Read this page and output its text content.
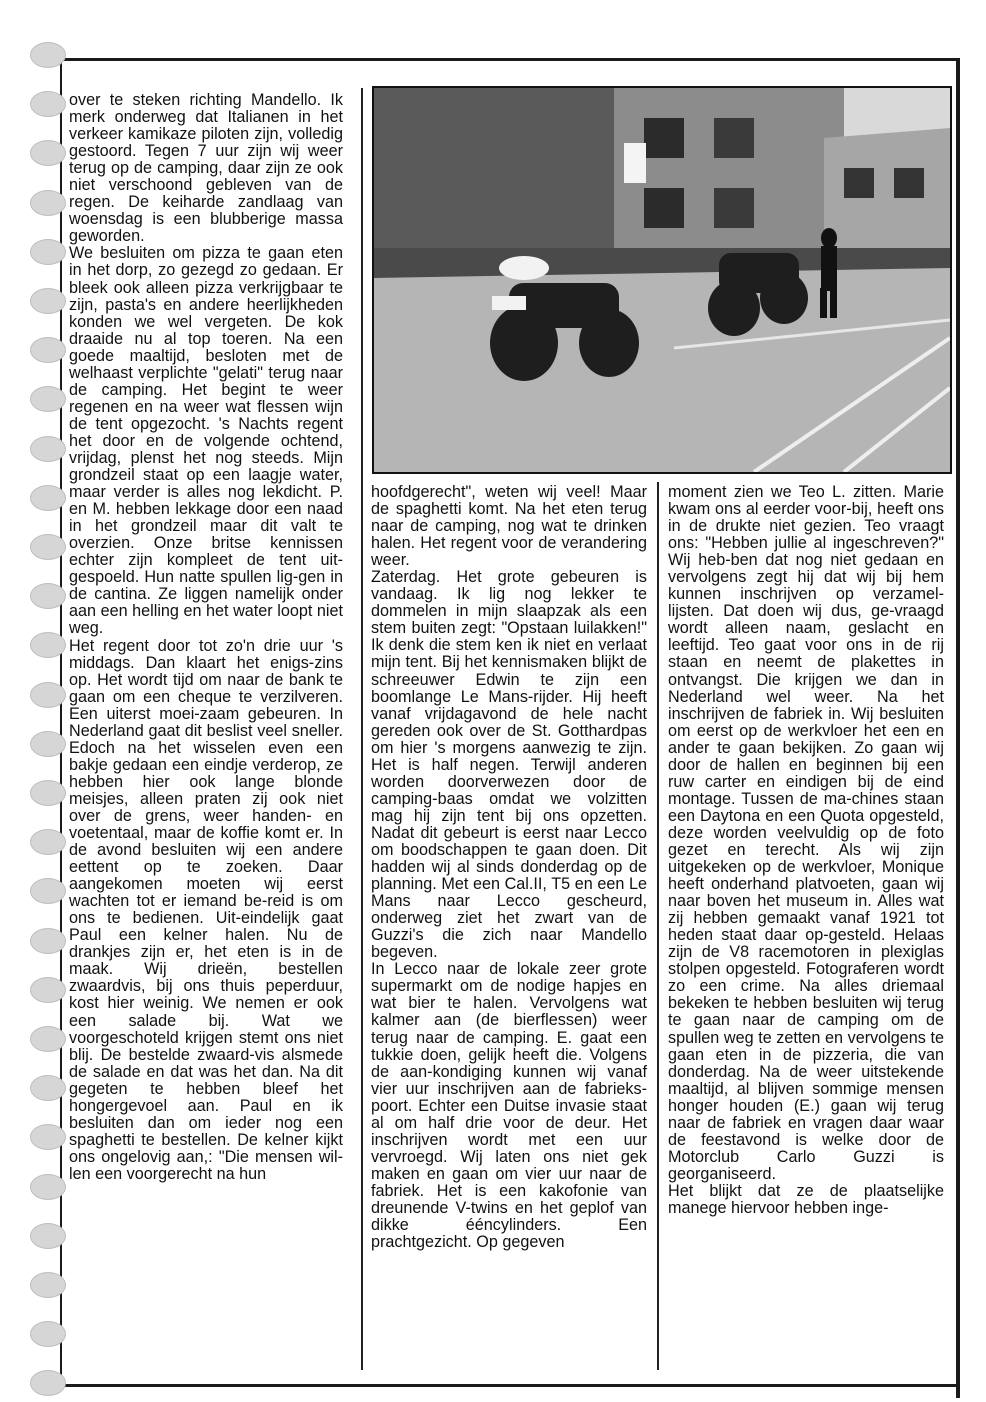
over te steken richting Mandello. Ik merk onderweg dat Italianen in het verkeer kamikaze piloten zijn, volledig gestoord. Tegen 7 uur zijn wij weer terug op de camping, daar zijn ze ook niet verschoond gebleven van de regen. De keiharde zandlaag van woensdag is een blubberige massa geworden.

We besluiten om pizza te gaan eten in het dorp, zo gezegd zo gedaan. Er bleek ook alleen pizza verkrijgbaar te zijn, pasta's en andere heerlijkheden konden we wel vergeten. De kok draaide nu al top toeren. Na een goede maaltijd, besloten met de welhaast verplichte "gelati" terug naar de camping. Het begint te weer regenen en na weer wat flessen wijn de tent opgezocht. 's Nachts regent het door en de volgende ochtend, vrijdag, plenst het nog steeds. Mijn grondzeil staat op een laagje water, maar verder is alles nog lekdicht. P. en M. hebben lekkage door een naad in het grondzeil maar dit valt te overzien. Onze britse kennissen echter zijn kompleet de tent uit-gespoeld. Hun natte spullen lig-gen in de cantina. Ze liggen namelijk onder aan een helling en het water loopt niet weg.

Het regent door tot zo'n drie uur 's middags. Dan klaart het enigs-zins op. Het wordt tijd om naar de bank te gaan om een cheque te verzilveren. Een uiterst moei-zaam gebeuren. In Nederland gaat dit beslist veel sneller. Edoch na het wisselen even een bakje gedaan een eindje verderop, ze hebben hier ook lange blonde meisjes, alleen praten zij ook niet over de grens, weer handen- en voetentaal, maar de koffie komt er. In de avond besluiten wij een andere eettent op te zoeken. Daar aangekomen moeten wij eerst wachten tot er iemand be-reid is om ons te bedienen. Uit-eindelijk gaat Paul een kelner halen. Nu de drankjes zijn er, het eten is in de maak. Wij drieën, bestellen zwaardvis, bij ons thuis peperduur, kost hier weinig. We nemen er ook een salade bij. Wat we voorgeschoteld krijgen stemt ons niet blij. De bestelde zwaard-vis alsmede de salade en dat was het dan. Na dit gegeten te hebben bleef het hongergevoel aan. Paul en ik besluiten dan om ieder nog een spaghetti te bestellen. De kelner kijkt ons ongelovig aan,: "Die mensen wil-len een voorgerecht na hun

hoofdgerecht", weten wij veel! Maar de spaghetti komt. Na het eten terug naar de camping, nog wat te drinken halen. Het regent voor de verandering weer.

Zaterdag. Het grote gebeuren is vandaag. Ik lig nog lekker te dommelen in mijn slaapzak als een stem buiten zegt: "Opstaan luilakken!" Ik denk die stem ken ik niet en verlaat mijn tent. Bij het kennismaken blijkt de schreeuwer Edwin te zijn een boomlange Le Mans-rijder. Hij heeft vanaf vrijdagavond de hele nacht gereden ook over de St. Gotthardpas om hier 's morgens aanwezig te zijn. Het is half negen. Terwijl anderen worden doorverwezen door de camping-baas omdat we volzitten mag hij zijn tent bij ons opzetten. Nadat dit gebeurt is eerst naar Lecco om boodschappen te gaan doen. Dit hadden wij al sinds donderdag op de planning. Met een Cal.II, T5 en een Le Mans naar Lecco gescheurd, onderweg ziet het zwart van de Guzzi's die zich naar Mandello begeven.

In Lecco naar de lokale zeer grote supermarkt om de nodige hapjes en wat bier te halen. Vervolgens wat kalmer aan (de bierflessen) weer terug naar de camping. E. gaat een tukkie doen, gelijk heeft die. Volgens de aan-kondiging kunnen wij vanaf vier uur inschrijven aan de fabrieks-poort. Echter een Duitse invasie staat al om half drie voor de deur. Het inschrijven wordt met een uur vervroegd. Wij laten ons niet gek maken en gaan om vier uur naar de fabriek. Het is een kakofonie van dreunende V-twins en het geplof van dikke ééncylinders. Een prachtgezicht. Op gegeven

moment zien we Teo L. zitten. Marie kwam ons al eerder voor-bij, heeft ons in de drukte niet gezien. Teo vraagt ons: "Hebben jullie al ingeschreven?" Wij heb-ben dat nog niet gedaan en vervolgens zegt hij dat wij bij hem kunnen inschrijven op verzamel-lijsten. Dat doen wij dus, ge-vraagd wordt alleen naam, geslacht en leeftijd. Teo gaat voor ons in de rij staan en neemt de plakettes in ontvangst. Die krijgen we dan in Nederland wel weer. Na het inschrijven de fabriek in. Wij besluiten om eerst op de werkvloer het een en ander te gaan bekijken. Zo gaan wij door de hallen en beginnen bij een ruw carter en eindigen bij de eind montage. Tussen de ma-chines staan een Daytona en een Quota opgesteld, deze worden veelvuldig op de foto gezet en terecht. Als wij zijn uitgekeken op de werkvloer, Monique heeft onderhand platvoeten, gaan wij naar boven het museum in. Alles wat zij hebben gemaakt vanaf 1921 tot heden staat daar op-gesteld. Helaas zijn de V8 racemotoren in plexiglas stolpen opgesteld. Fotograferen wordt zo een crime. Na alles driemaal bekeken te hebben besluiten wij terug te gaan naar de camping om de spullen weg te zetten en vervolgens te gaan eten in de pizzeria, die van donderdag. Na de weer uitstekende maaltijd, al blijven sommige mensen honger houden (E.) gaan wij terug naar de fabriek en vragen daar waar de feestavond is welke door de Motorclub Carlo Guzzi is georganiseerd.

Het blijkt dat ze de plaatselijke manege hiervoor hebben inge-
